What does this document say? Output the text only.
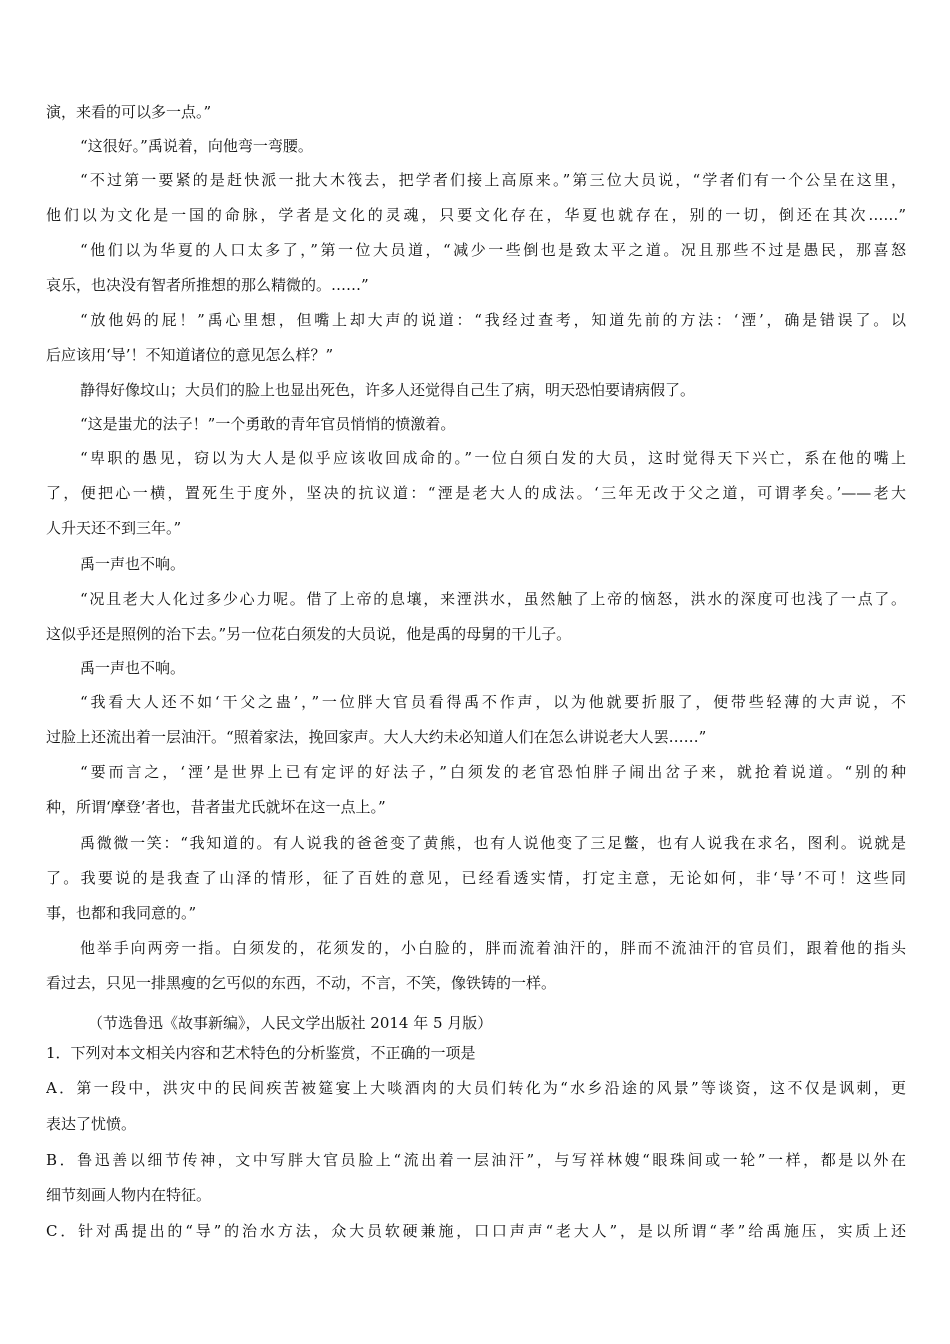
演，来看的可以多一点。”
“这很好。”禹说着，向他弯一弯腰。
“不过第一要紧的是赶快派一批大木筏去，把学者们接上高原来。”第三位大员说，“学者们有一个公呈在这里，
他们以为文化是一国的命脉，学者是文化的灵魂，只要文化存在，华夏也就存在，别的一切，倒还在其次……”
“他们以为华夏的人口太多了，”第一位大员道，“减少一些倒也是致太平之道。况且那些不过是愚民，那喜怒
哀乐，也决没有智者所推想的那么精微的。……”
“放他妈的屁！”禹心里想，但嘴上却大声的说道：“我经过查考，知道先前的方法：‘湮’，确是错误了。以
后应该用‘导’！不知道诸位的意见怎么样？”
静得好像坟山；大员们的脸上也显出死色，许多人还觉得自己生了病，明天恐怕要请病假了。
“这是蚩尤的法子！”一个勇敢的青年官员悄悄的愤激着。
“卑职的愚见，窃以为大人是似乎应该收回成命的。”一位白须白发的大员，这时觉得天下兴亡，系在他的嘴上
了，便把心一横，置死生于度外，坚决的抗议道：“湮是老大人的成法。‘三年无改于父之道，可谓孝矣。’——老大
人升天还不到三年。”
禹一声也不响。
“况且老大人化过多少心力呢。借了上帝的息壤，来湮洪水，虽然触了上帝的恼怒，洪水的深度可也浅了一点了。
这似乎还是照例的治下去。”另一位花白须发的大员说，他是禹的母舅的干儿子。
禹一声也不响。
“我看大人还不如‘干父之蛊’，”一位胖大官员看得禹不作声，以为他就要折服了，便带些轻薄的大声说，不
过脸上还流出着一层油汗。“照着家法，挽回家声。大人大约未必知道人们在怎么讲说老大人罢……”
“要而言之，‘湮’是世界上已有定评的好法子，”白须发的老官恐怕胖子闹出岔子来，就抢着说道。“别的种
种，所谓‘摩登’者也，昔者蚩尤氏就坏在这一点上。”
禹微微一笑：“我知道的。有人说我的爸爸变了黄熊，也有人说他变了三足鳖，也有人说我在求名，图利。说就是
了。我要说的是我查了山泽的情形，征了百姓的意见，已经看透实情，打定主意，无论如何，非‘导’不可！这些同
事，也都和我同意的。”
他举手向两旁一指。白须发的，花须发的，小白脸的，胖而流着油汗的，胖而不流油汗的官员们，跟着他的指头
看过去，只见一排黑瘦的乞丐似的东西，不动，不言，不笑，像铁铸的一样。
（节选鲁迅《故事新编》，人民文学出版社 2014 年 5 月版）
1．下列对本文相关内容和艺术特色的分析鉴赏，不正确的一项是
A．第一段中，洪灾中的民间疾苦被筵宴上大啖酒肉的大员们转化为“水乡沿途的风景”等谈资，这不仅是讽刺，更
表达了忧愤。
B．鲁迅善以细节传神，文中写胖大官员脸上“流出着一层油汗”，与写祥林嫂“眼珠间或一轮”一样，都是以外在
细节刻画人物内在特征。
C．针对禹提出的“导”的治水方法，众大员软硬兼施，口口声声“老大人”，是以所谓“孝”给禹施压，实质上还
